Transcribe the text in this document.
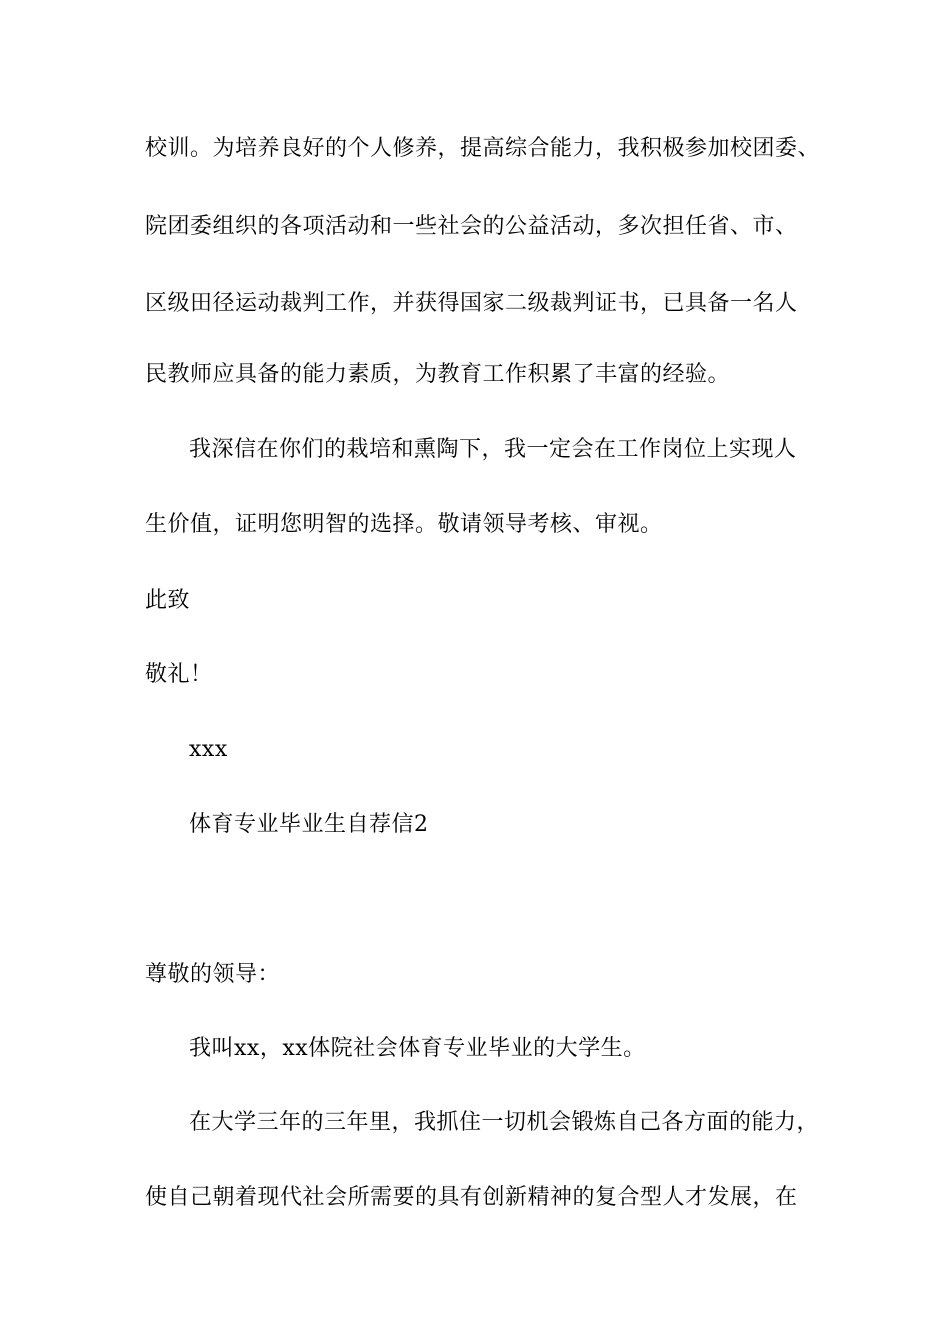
校训。为培养良好的个人修养，提高综合能力，我积极参加校团委、
院团委组织的各项活动和一些社会的公益活动，多次担任省、市、
区级田径运动裁判工作，并获得国家二级裁判证书，已具备一名人
民教师应具备的能力素质，为教育工作积累了丰富的经验。
我深信在你们的栽培和熏陶下，我一定会在工作岗位上实现人
生价值，证明您明智的选择。敬请领导考核、审视。
此致
敬礼！
xxx
体育专业毕业生自荐信2
尊敬的领导：
我叫xx，xx体院社会体育专业毕业的大学生。
在大学三年的三年里，我抓住一切机会锻炼自己各方面的能力，
使自己朝着现代社会所需要的具有创新精神的复合型人才发展，在
